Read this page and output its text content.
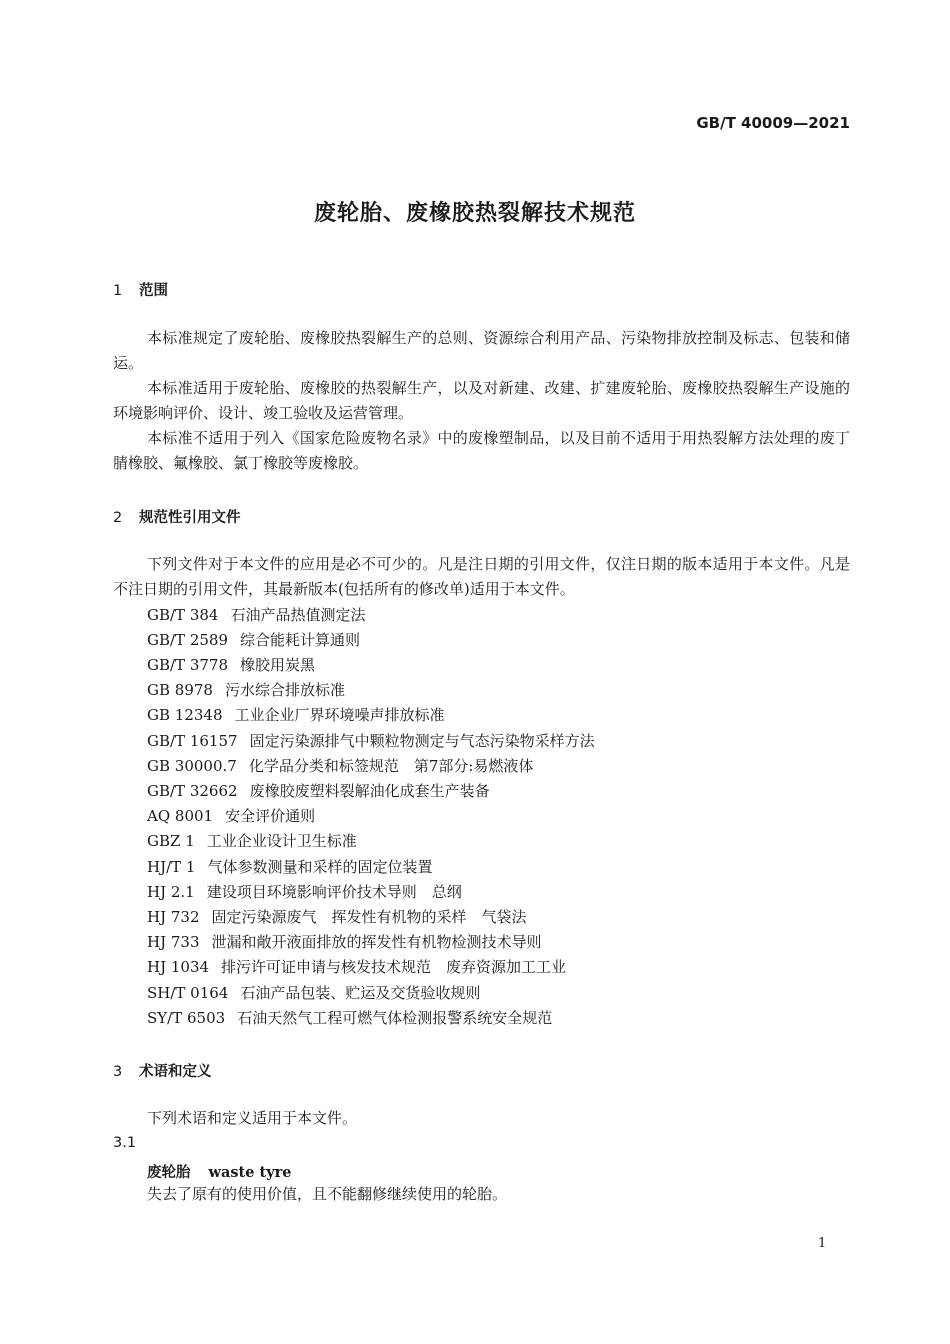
GB/T 40009—2021
废轮胎、废橡胶热裂解技术规范
1 范围

本标准规定了废轮胎、废橡胶热裂解生产的总则、资源综合利用产品、污染物排放控制及标志、包装和储运。

本标准适用于废轮胎、废橡胶的热裂解生产，以及对新建、改建、扩建废轮胎、废橡胶热裂解生产设施的环境影响评价、设计、竣工验收及运营管理。

本标准不适用于列入《国家危险废物名录》中的废橡塑制品，以及目前不适用于用热裂解方法处理的废丁腈橡胶、氟橡胶、氯丁橡胶等废橡胶。

2 规范性引用文件

下列文件对于本文件的应用是必不可少的。凡是注日期的引用文件，仅注日期的版本适用于本文件。凡是不注日期的引用文件，其最新版本(包括所有的修改单)适用于本文件。

GB/T 384 石油产品热值测定法
GB/T 2589 综合能耗计算通则
GB/T 3778 橡胶用炭黑
GB 8978 污水综合排放标准
GB 12348 工业企业厂界环境噪声排放标准
GB/T 16157 固定污染源排气中颗粒物测定与气态污染物采样方法
GB 30000.7 化学品分类和标签规范　第7部分:易燃液体
GB/T 32662 废橡胶废塑料裂解油化成套生产装备
AQ 8001 安全评价通则
GBZ 1 工业企业设计卫生标准
HJ/T 1 气体参数测量和采样的固定位装置
HJ 2.1 建设项目环境影响评价技术导则　总纲
HJ 732 固定污染源废气　挥发性有机物的采样　气袋法
HJ 733 泄漏和敞开液面排放的挥发性有机物检测技术导则
HJ 1034 排污许可证申请与核发技术规范　废弃资源加工工业
SH/T 0164 石油产品包装、贮运及交货验收规则
SY/T 6503 石油天然气工程可燃气体检测报警系统安全规范
3 术语和定义
下列术语和定义适用于本文件。
3.1
废轮胎 waste tyre
失去了原有的使用价值，且不能翻修继续使用的轮胎。
1
